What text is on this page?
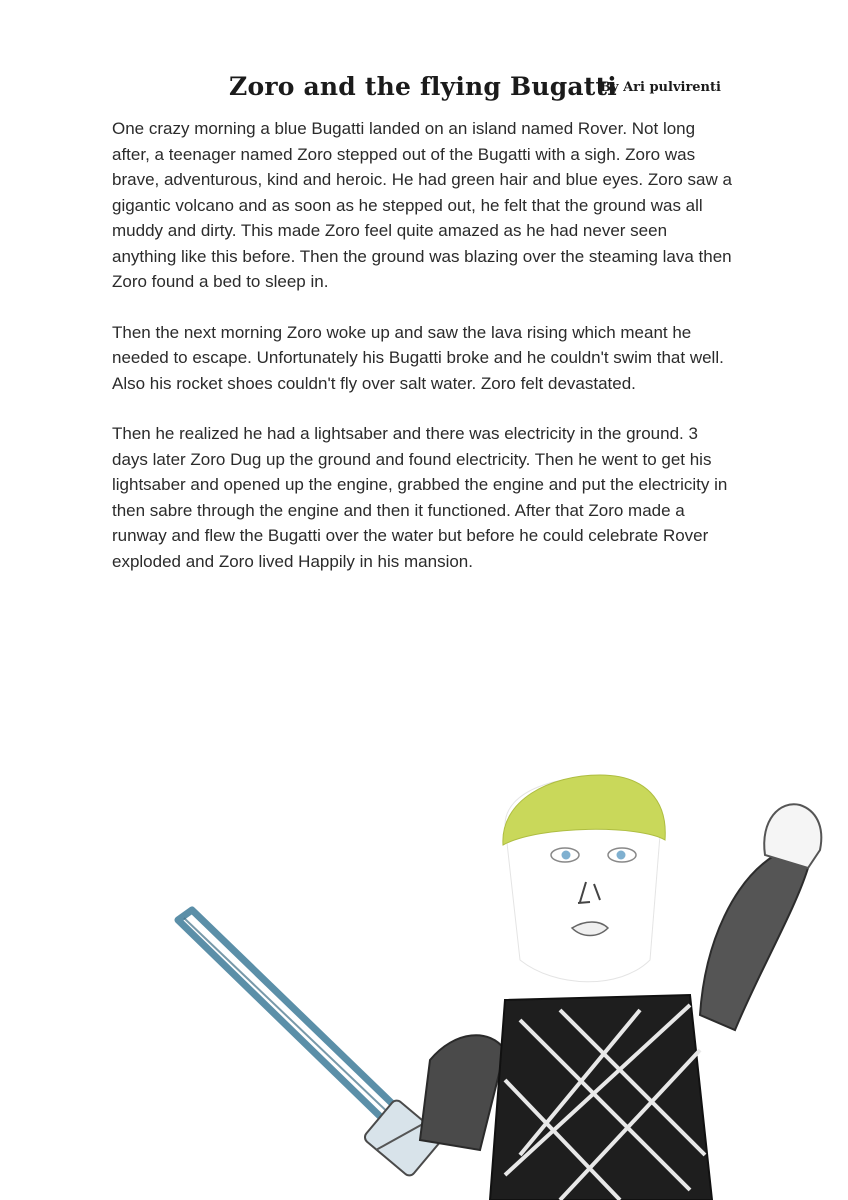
Zoro and the flying Bugatti
By Ari pulvirenti

One crazy morning a blue Bugatti landed on an island named Rover. Not long after, a teenager named Zoro stepped out of the Bugatti with a sigh. Zoro was brave, adventurous, kind and heroic. He had green hair and blue eyes. Zoro saw a gigantic volcano and as soon as he stepped out, he felt that the ground was all muddy and dirty. This made Zoro feel quite amazed as he had never seen anything like this before. Then the ground was blazing over the steaming lava then Zoro found a bed to sleep in.

Then the next morning Zoro woke up and saw the lava rising which meant he needed to escape. Unfortunately his Bugatti broke and he couldn't swim that well. Also his rocket shoes couldn't fly over salt water. Zoro felt devastated.

Then he realized he had a lightsaber and there was electricity in the ground. 3 days later Zoro Dug up the ground and found electricity. Then he went to get his lightsaber and opened up the engine, grabbed the engine and put the electricity in then sabre through the engine and then it functioned. After that Zoro made a runway and flew the Bugatti over the water but before he could celebrate Rover exploded and Zoro lived Happily in his mansion.
